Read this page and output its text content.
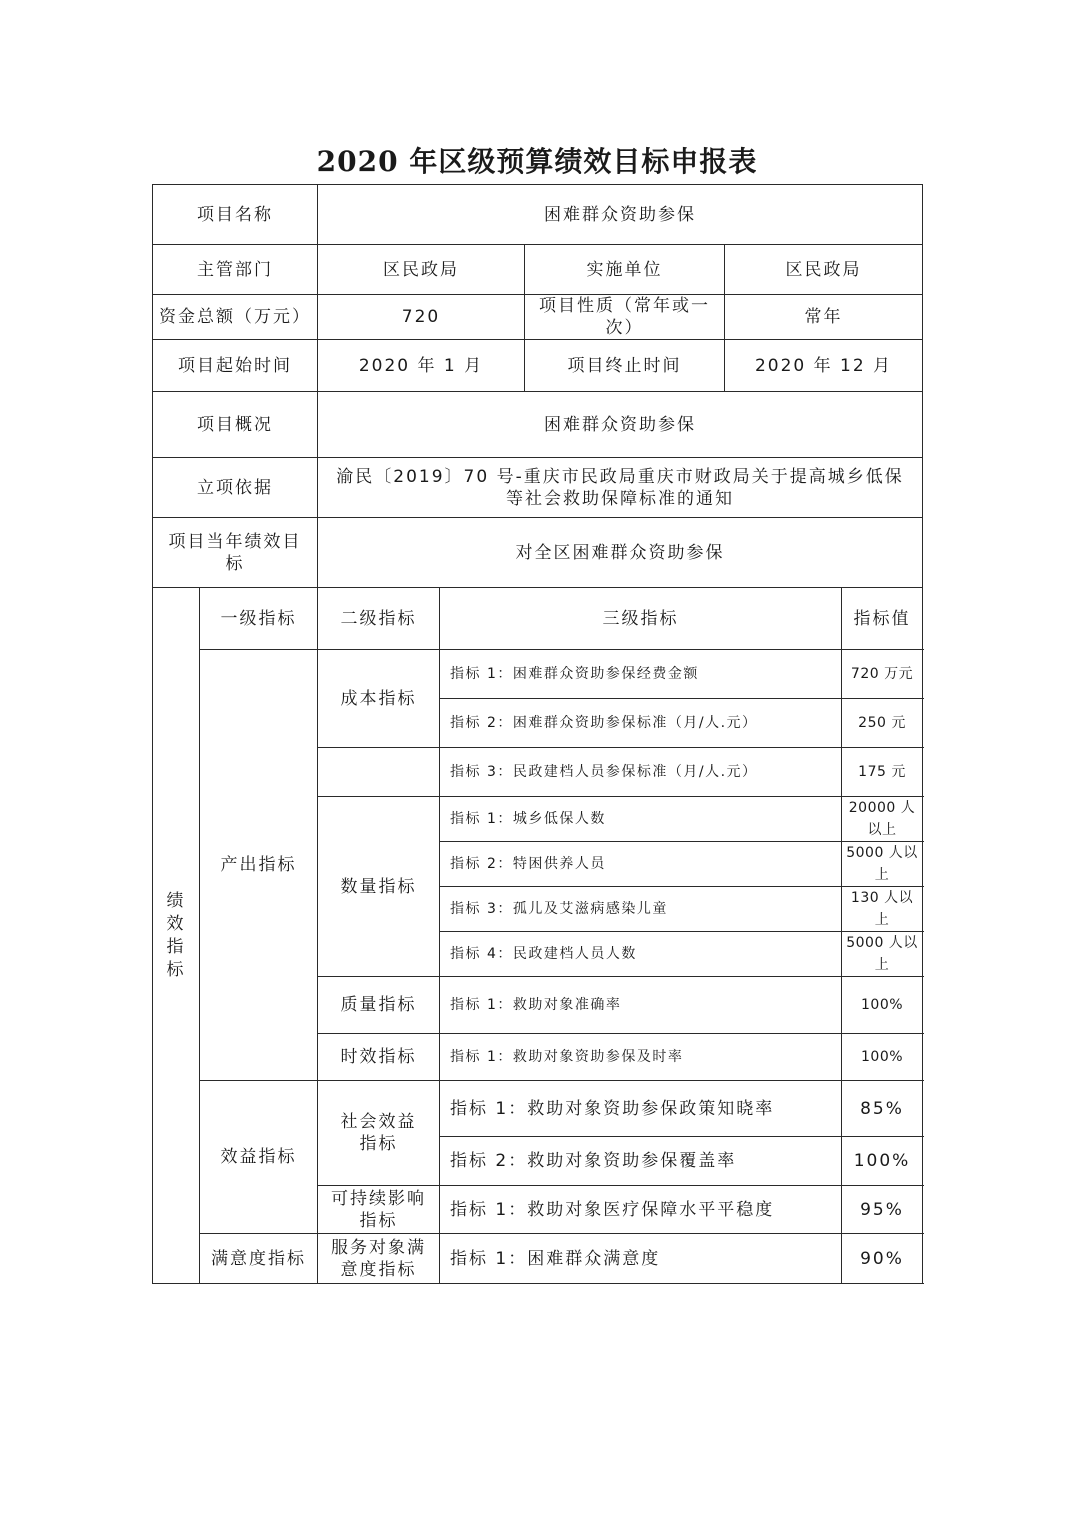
2020 年区级预算绩效目标申报表
项目名称		困难群众资助参保				
主管部门		区民政局		实施单位	区民政局	
资金总额（万元）		720		项目性质（常年或一次）	常年	
项目起始时间		2020 年 1 月		项目终止时间	2020 年 12 月	
项目概况		困难群众资助参保				
立项依据		渝民〔2019〕70 号-重庆市民政局重庆市财政局关于提高城乡低保等社会救助保障标准的通知				
项目当年绩效目标		对全区困难群众资助参保				
绩效指标	一级指标	二级指标	三级指标			指标值
	产出指标	成本指标	指标 1：困难群众资助参保经费金额			720 万元
			指标 2：困难群众资助参保标准（月/人.元）			250 元
			指标 3：民政建档人员参保标准（月/人.元）			175 元
		数量指标	指标 1：城乡低保人数			20000 人以上
			指标 2：特困供养人员			5000 人以上
			指标 3：孤儿及艾滋病感染儿童			130 人以上
			指标 4：民政建档人员人数			5000 人以上
		质量指标	指标 1：救助对象准确率			100%
		时效指标	指标 1：救助对象资助参保及时率			100%
	效益指标	社会效益指标	指标 1：救助对象资助参保政策知晓率			85%
			指标 2：救助对象资助参保覆盖率			100%
		可持续影响指标	指标 1：救助对象医疗保障水平平稳度			95%
	满意度指标	服务对象满意度指标	指标 1：困难群众满意度			90%
